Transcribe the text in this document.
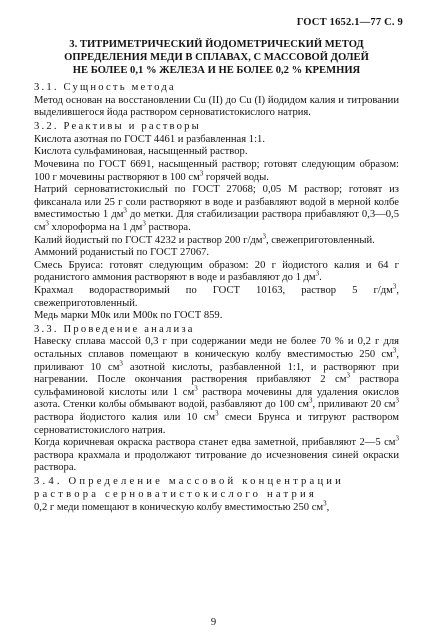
ГОСТ 1652.1—77 С. 9
3. ТИТРИМЕТРИЧЕСКИЙ ЙОДОМЕТРИЧЕСКИЙ МЕТОД
ОПРЕДЕЛЕНИЯ МЕДИ В СПЛАВАХ, С МАССОВОЙ ДОЛЕЙ
НЕ БОЛЕЕ 0,1 % ЖЕЛЕЗА И НЕ БОЛЕЕ 0,2 % КРЕМНИЯ

3.1. Сущность метода

Метод основан на восстановлении Cu (II) до Cu (I) йодидом калия и титровании выделившегося йода раствором серноватистокислого натрия.

3.2. Реактивы и растворы

Кислота азотная по ГОСТ 4461 и разбавленная 1:1.

Кислота сульфаминовая, насыщенный раствор.

Мочевина по ГОСТ 6691, насыщенный раствор; готовят следующим образом: 100 г мочевины растворяют в 100 $см^3$ горячей воды.

Натрий серноватистокислый по ГОСТ 27068; 0,05 М раствор; готовят из фиксанала или 25 г соли растворяют в воде и разбавляют водой в мерной колбе вместимостью 1 $дм^3$ до метки. Для стабилизации раствора прибавляют 0,3—0,5 $см^3$ хлороформа на 1 $дм^3$ раствора.

Калий йодистый по ГОСТ 4232 и раствор 200 $г/дм^3$, свежеприготовленный.

Аммоний роданистый по ГОСТ 27067.

Смесь Бруиса: готовят следующим образом: 20 г йодистого калия и 64 г роданистого аммония растворяют в воде и разбавляют до 1 $дм^3$.

Крахмал водорастворимый по ГОСТ 10163, раствор 5 $г/дм^3$, свежеприготовленный.

Медь марки М0к или М00к по ГОСТ 859.

3.3. Проведение анализа

Навеску сплава массой 0,3 г при содержании меди не более 70 % и 0,2 г для остальных сплавов помещают в коническую колбу вместимостью 250 $см^3$, приливают 10 $см^3$ азотной кислоты, разбавленной 1:1, и растворяют при нагревании. После окончания растворения прибавляют 2 $см^3$ раствора сульфаминовой кислоты или 1 $см^3$ раствора мочевины для удаления окислов азота. Стенки колбы обмывают водой, разбавляют до 100 $см^3$, приливают 20 $см^3$ раствора йодистого калия или 10 $см^3$ смеси Брунса и титруют раствором серноватистокислого натрия.

Когда коричневая окраска раствора станет едва заметной, прибавляют 2—5 $см^3$ раствора крахмала и продолжают титрование до исчезновения синей окраски раствора.

3.4. Определение массовой концентрации

раствора серноватистокислого натрия

0,2 г меди помещают в коническую колбу вместимостью 250 $см^3$,

9
